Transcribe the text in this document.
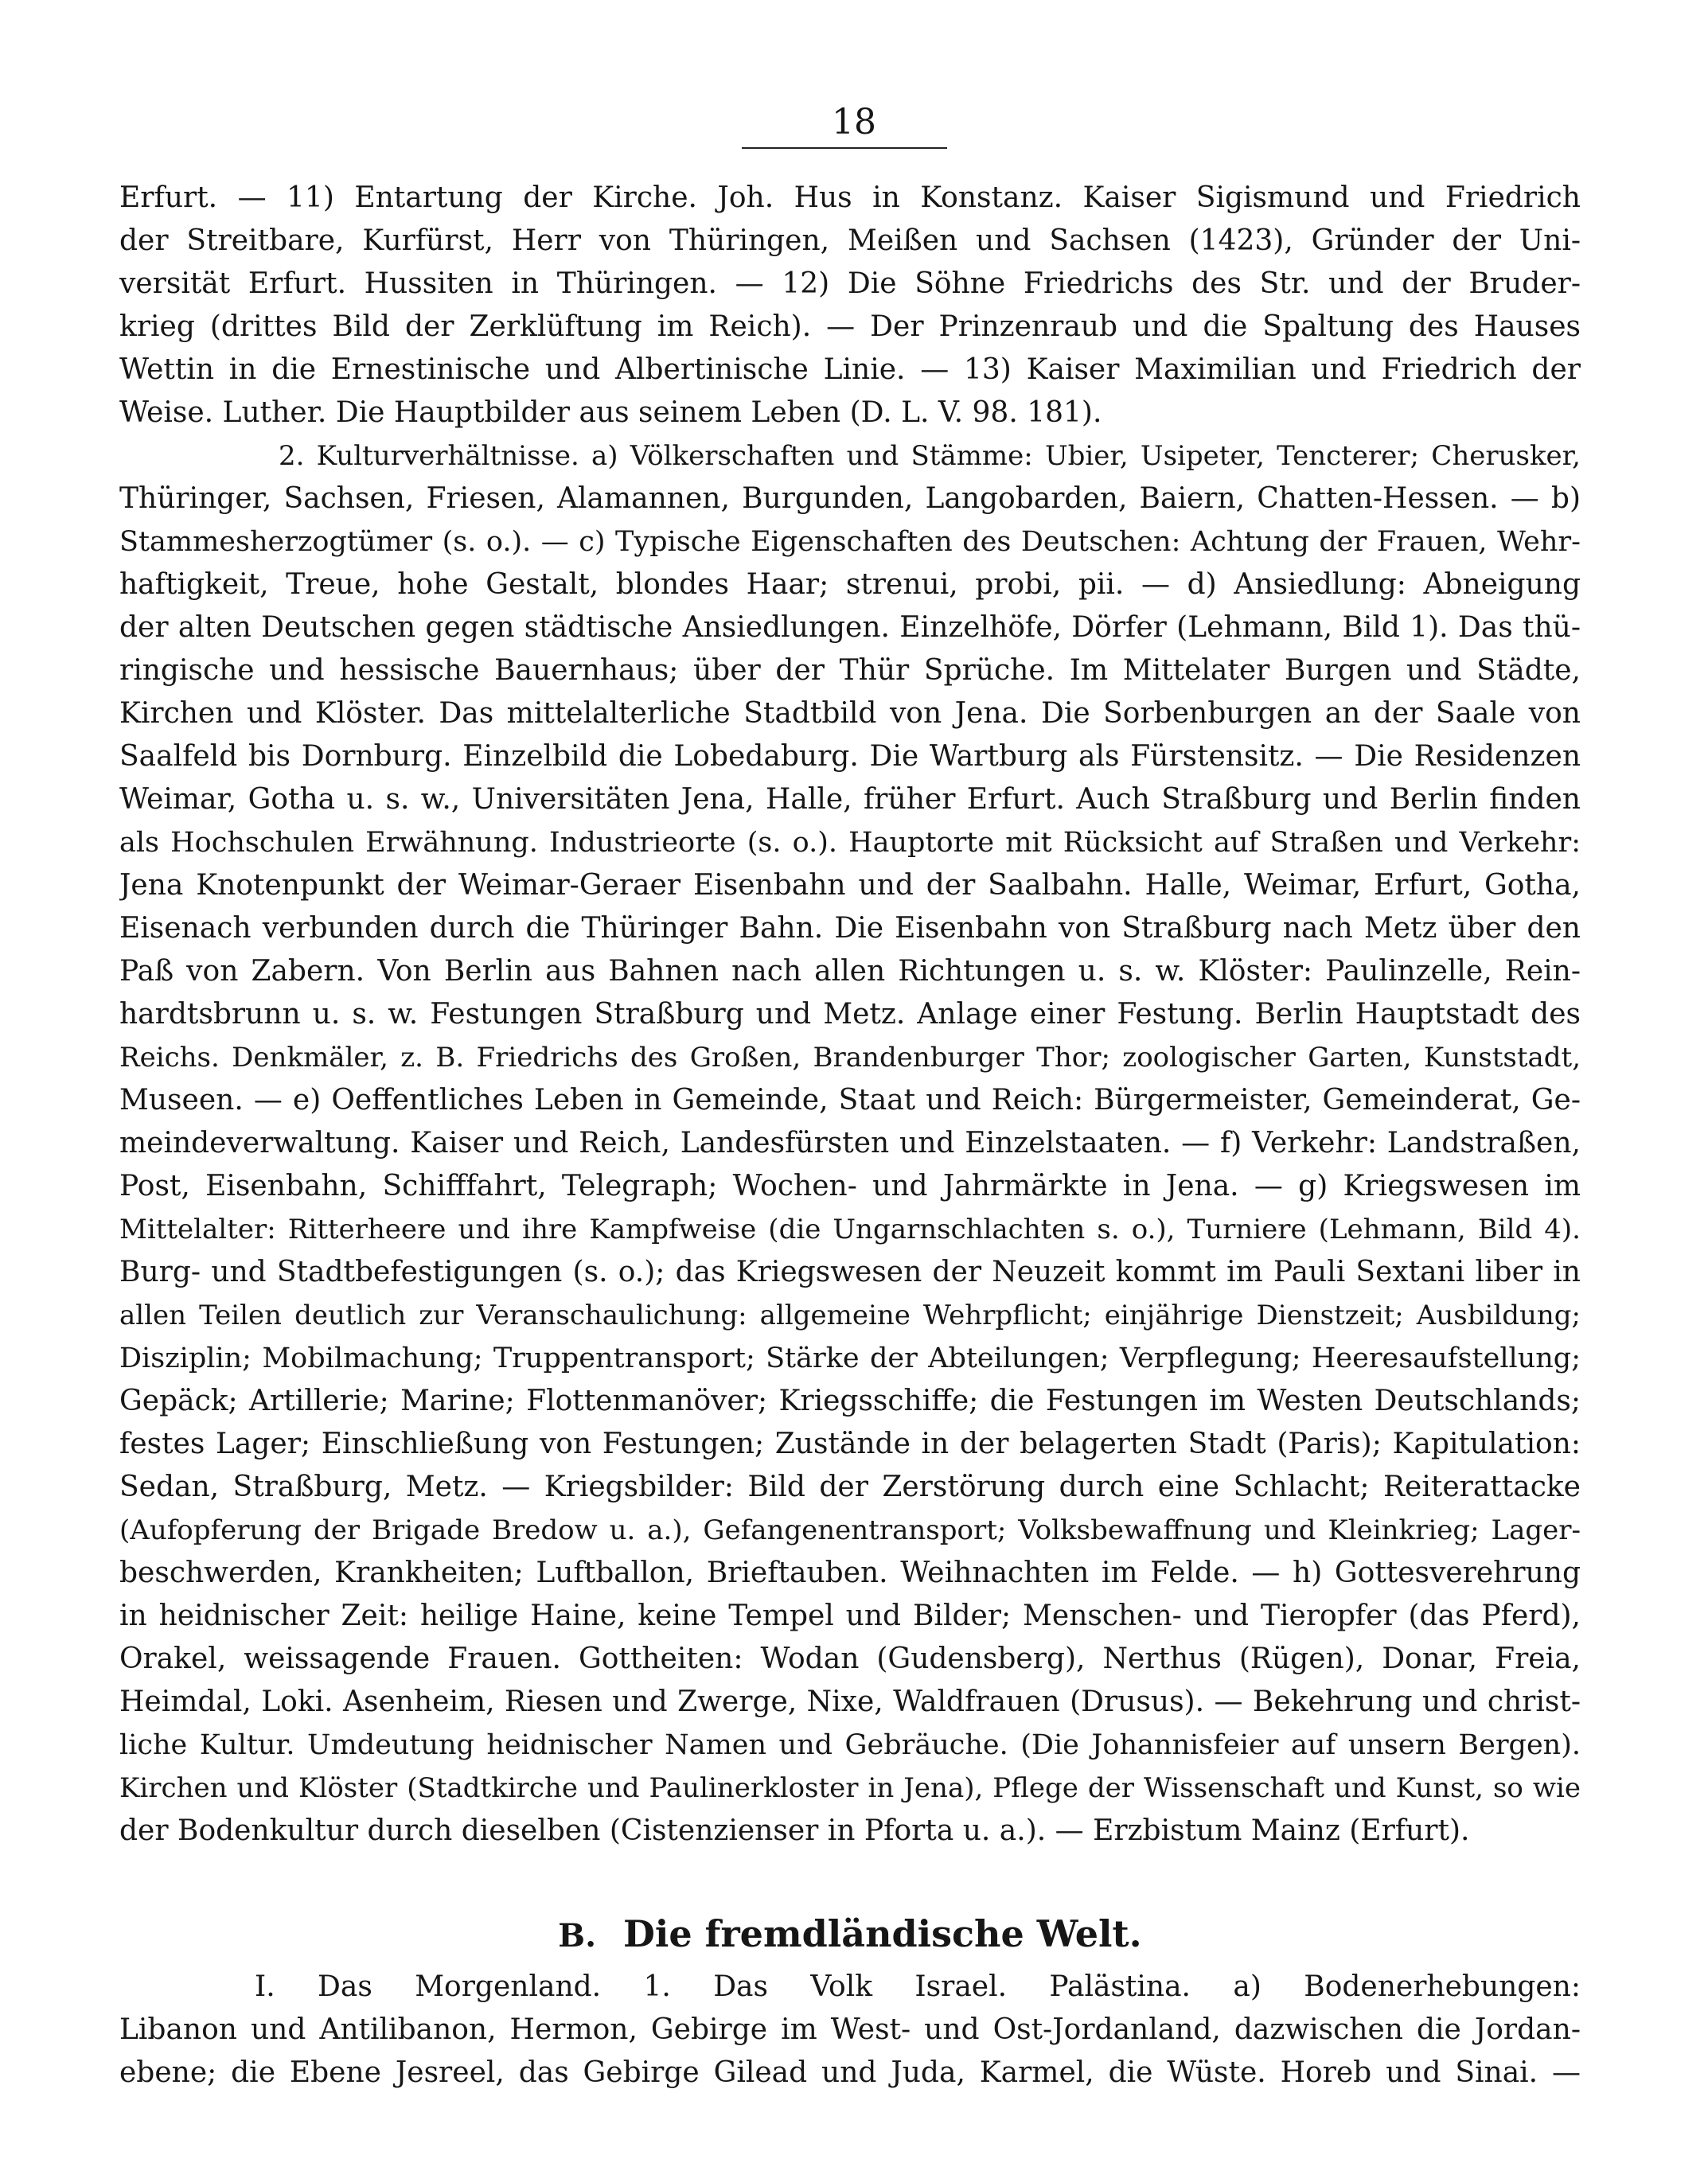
18
Erfurt. — 11) Entartung der Kirche. Joh. Hus in Konstanz. Kaiser Sigismund und Friedrich
der Streitbare, Kurfürst, Herr von Thüringen, Meißen und Sachsen (1423), Gründer der Uni-
versität Erfurt. Hussiten in Thüringen. — 12) Die Söhne Friedrichs des Str. und der Bruder-
krieg (drittes Bild der Zerklüftung im Reich). — Der Prinzenraub und die Spaltung des Hauses
Wettin in die Ernestinische und Albertinische Linie. — 13) Kaiser Maximilian und Friedrich der
Weise. Luther. Die Hauptbilder aus seinem Leben (D. L. V. 98. 181).
2. Kulturverhältnisse. a) Völkerschaften und Stämme: Ubier, Usipeter, Tencterer; Cherusker,
Thüringer, Sachsen, Friesen, Alamannen, Burgunden, Langobarden, Baiern, Chatten-Hessen. — b)
Stammesherzogtümer (s. o.). — c) Typische Eigenschaften des Deutschen: Achtung der Frauen, Wehr-
haftigkeit, Treue, hohe Gestalt, blondes Haar; strenui, probi, pii. — d) Ansiedlung: Abneigung
der alten Deutschen gegen städtische Ansiedlungen. Einzelhöfe, Dörfer (Lehmann, Bild 1). Das thü-
ringische und hessische Bauernhaus; über der Thür Sprüche. Im Mittelater Burgen und Städte,
Kirchen und Klöster. Das mittelalterliche Stadtbild von Jena. Die Sorbenburgen an der Saale von
Saalfeld bis Dornburg. Einzelbild die Lobedaburg. Die Wartburg als Fürstensitz. — Die Residenzen
Weimar, Gotha u. s. w., Universitäten Jena, Halle, früher Erfurt. Auch Straßburg und Berlin finden
als Hochschulen Erwähnung. Industrieorte (s. o.). Hauptorte mit Rücksicht auf Straßen und Verkehr:
Jena Knotenpunkt der Weimar-Geraer Eisenbahn und der Saalbahn. Halle, Weimar, Erfurt, Gotha,
Eisenach verbunden durch die Thüringer Bahn. Die Eisenbahn von Straßburg nach Metz über den
Paß von Zabern. Von Berlin aus Bahnen nach allen Richtungen u. s. w. Klöster: Paulinzelle, Rein-
hardtsbrunn u. s. w. Festungen Straßburg und Metz. Anlage einer Festung. Berlin Hauptstadt des
Reichs. Denkmäler, z. B. Friedrichs des Großen, Brandenburger Thor; zoologischer Garten, Kunststadt,
Museen. — e) Oeffentliches Leben in Gemeinde, Staat und Reich: Bürgermeister, Gemeinderat, Ge-
meindeverwaltung. Kaiser und Reich, Landesfürsten und Einzelstaaten. — f) Verkehr: Landstraßen,
Post, Eisenbahn, Schifffahrt, Telegraph; Wochen- und Jahrmärkte in Jena. — g) Kriegswesen im
Mittelalter: Ritterheere und ihre Kampfweise (die Ungarnschlachten s. o.), Turniere (Lehmann, Bild 4).
Burg- und Stadtbefestigungen (s. o.); das Kriegswesen der Neuzeit kommt im Pauli Sextani liber in
allen Teilen deutlich zur Veranschaulichung: allgemeine Wehrpflicht; einjährige Dienstzeit; Ausbildung;
Disziplin; Mobilmachung; Truppentransport; Stärke der Abteilungen; Verpflegung; Heeresaufstellung;
Gepäck; Artillerie; Marine; Flottenmanöver; Kriegsschiffe; die Festungen im Westen Deutschlands;
festes Lager; Einschließung von Festungen; Zustände in der belagerten Stadt (Paris); Kapitulation:
Sedan, Straßburg, Metz. — Kriegsbilder: Bild der Zerstörung durch eine Schlacht; Reiterattacke
(Aufopferung der Brigade Bredow u. a.), Gefangenentransport; Volksbewaffnung und Kleinkrieg; Lager-
beschwerden, Krankheiten; Luftballon, Brieftauben. Weihnachten im Felde. — h) Gottesverehrung
in heidnischer Zeit: heilige Haine, keine Tempel und Bilder; Menschen- und Tieropfer (das Pferd),
Orakel, weissagende Frauen. Gottheiten: Wodan (Gudensberg), Nerthus (Rügen), Donar, Freia,
Heimdal, Loki. Asenheim, Riesen und Zwerge, Nixe, Waldfrauen (Drusus). — Bekehrung und christ-
liche Kultur. Umdeutung heidnischer Namen und Gebräuche. (Die Johannisfeier auf unsern Bergen).
Kirchen und Klöster (Stadtkirche und Paulinerkloster in Jena), Pflege der Wissenschaft und Kunst, so wie
der Bodenkultur durch dieselben (Cistenzienser in Pforta u. a.). — Erzbistum Mainz (Erfurt).
B. Die fremdländische Welt.
I. Das Morgenland. 1. Das Volk Israel. Palästina. a) Bodenerhebungen:
Libanon und Antilibanon, Hermon, Gebirge im West- und Ost-Jordanland, dazwischen die Jordan-
ebene; die Ebene Jesreel, das Gebirge Gilead und Juda, Karmel, die Wüste. Horeb und Sinai. —
